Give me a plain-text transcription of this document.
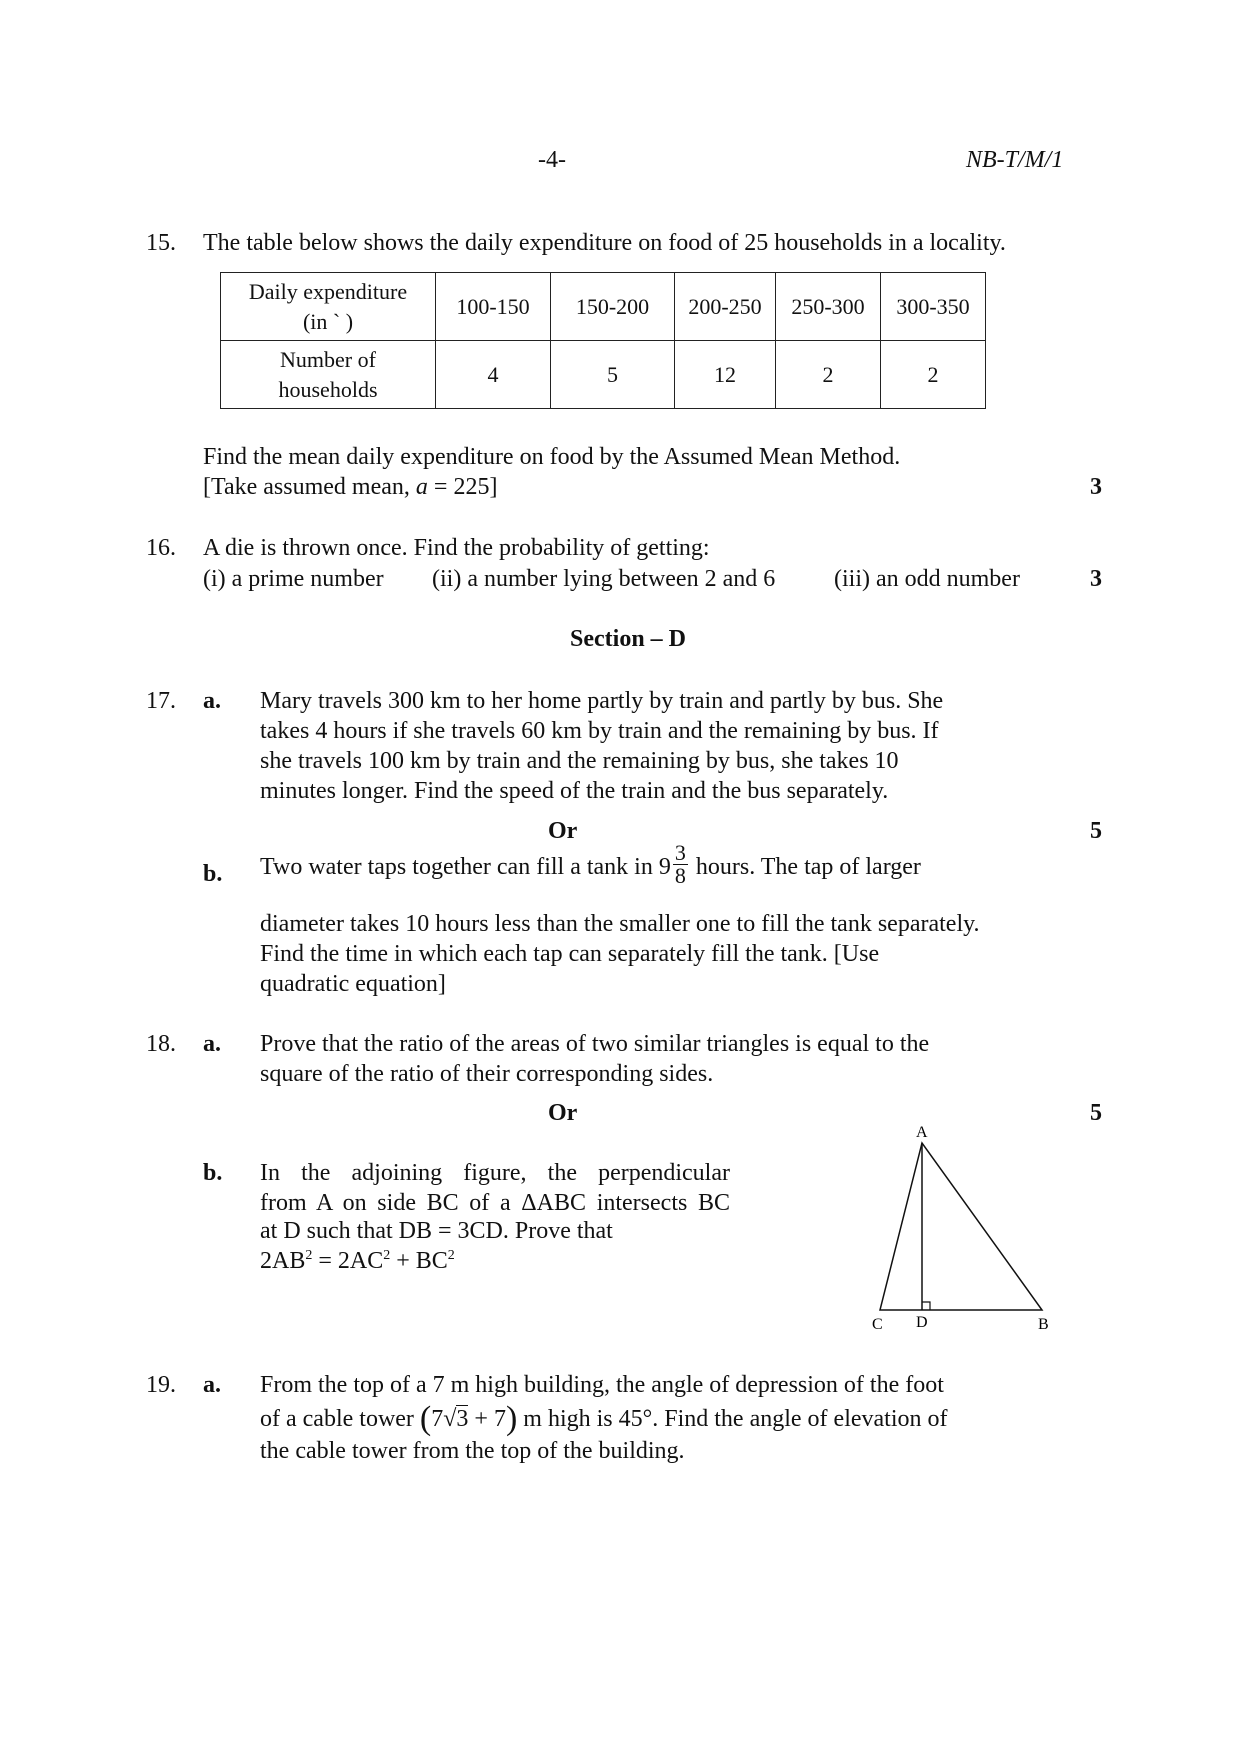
-4-	NB-T/M/1
15. The table below shows the daily expenditure on food of 25 households in a locality.
Daily expenditure
(in ` )	100-150	150-200	200-250	250-300	300-350

Number of
households	4	5	12	2	2
Find the mean daily expenditure on food by the Assumed Mean Method.
[Take assumed mean, a = 225]	3
16. A die is thrown once. Find the probability of getting:
(i) a prime number (ii) a number lying between 2 and 6 (iii) an odd number	3
Section – D
17. a. Mary travels 300 km to her home partly by train and partly by bus. She
takes 4 hours if she travels 60 km by train and the remaining by bus. If
she travels 100 km by train and the remaining by bus, she takes 10
minutes longer. Find the speed of the train and the bus separately.
Or	5
b. Two water taps together can fill a tank in $9 \frac{3}{8}$ hours. The tap of larger
diameter takes 10 hours less than the smaller one to fill the tank separately.
Find the time in which each tap can separately fill the tank. [Use
quadratic equation]
18. a. Prove that the ratio of the areas of two similar triangles is equal to the
square of the ratio of their corresponding sides.
Or	5
b. In the adjoining figure, the perpendicular
from A on side BC of a ΔABC intersects BC
at D such that DB = 3CD. Prove that
$2AB^2 = 2AC^2 + BC^2$
A
C D	B
19. a. From the top of a 7 m high building, the angle of depression of the foot
of a cable tower (7√3 + 7) m high is 45°. Find the angle of elevation of
the cable tower from the top of the building.
